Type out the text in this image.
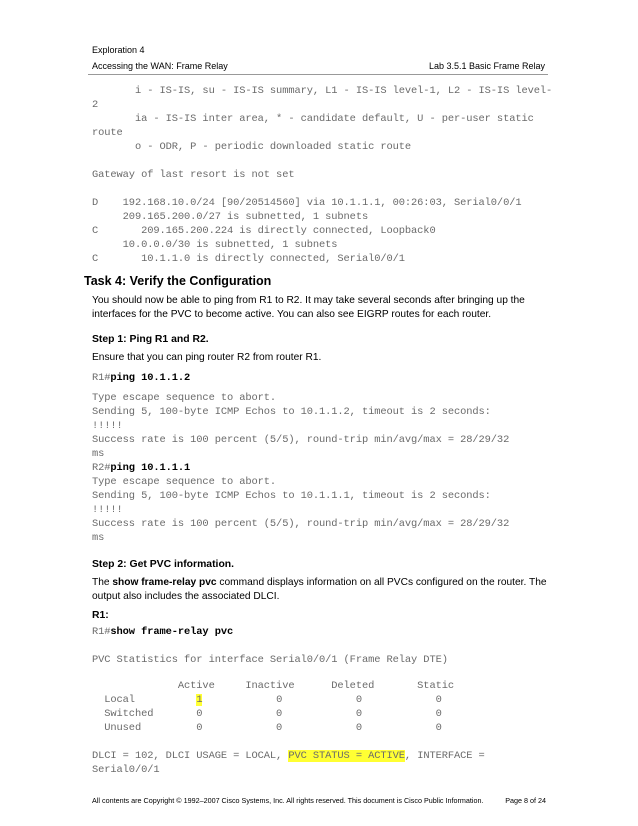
Exploration 4
Accessing the WAN: Frame Relay	Lab 3.5.1 Basic Frame Relay
i - IS-IS, su - IS-IS summary, L1 - IS-IS level-1, L2 - IS-IS level-
2
ia - IS-IS inter area, * - candidate default, U - per-user static
route
o - ODR, P - periodic downloaded static route

Gateway of last resort is not set

D    192.168.10.0/24 [90/20514560] via 10.1.1.1, 00:26:03, Serial0/0/1
209.165.200.0/27 is subnetted, 1 subnets
C       209.165.200.224 is directly connected, Loopback0
10.0.0.0/30 is subnetted, 1 subnets
C       10.1.1.0 is directly connected, Serial0/0/1
Task 4: Verify the Configuration

You should now be able to ping from R1 to R2. It may take several seconds after bringing up the interfaces for the PVC to become active. You can also see EIGRP routes for each router.

Step 1: Ping R1 and R2.

Ensure that you can ping router R2 from router R1.

R1#ping 10.1.1.2
Type escape sequence to abort.
Sending 5, 100-byte ICMP Echos to 10.1.1.2, timeout is 2 seconds:
!!!!!
Success rate is 100 percent (5/5), round-trip min/avg/max = 28/29/32
ms
R2#ping 10.1.1.1
Type escape sequence to abort.
Sending 5, 100-byte ICMP Echos to 10.1.1.1, timeout is 2 seconds:
!!!!!
Success rate is 100 percent (5/5), round-trip min/avg/max = 28/29/32
ms

Step 2: Get PVC information.

The show frame-relay pvc command displays information on all PVCs configured on the router. The output also includes the associated DLCI.

R1:

R1#show frame-relay pvc
PVC Statistics for interface Serial0/0/1 (Frame Relay DTE)
Active     Inactive      Deleted       Static
Local          1            0            0            0
Switched       0            0            0            0
Unused         0            0            0            0
DLCI = 102, DLCI USAGE = LOCAL, PVC STATUS = ACTIVE, INTERFACE =
Serial0/0/1
All contents are Copyright © 1992–2007 Cisco Systems, Inc. All rights reserved. This document is Cisco Public Information.	Page 8 of 24
